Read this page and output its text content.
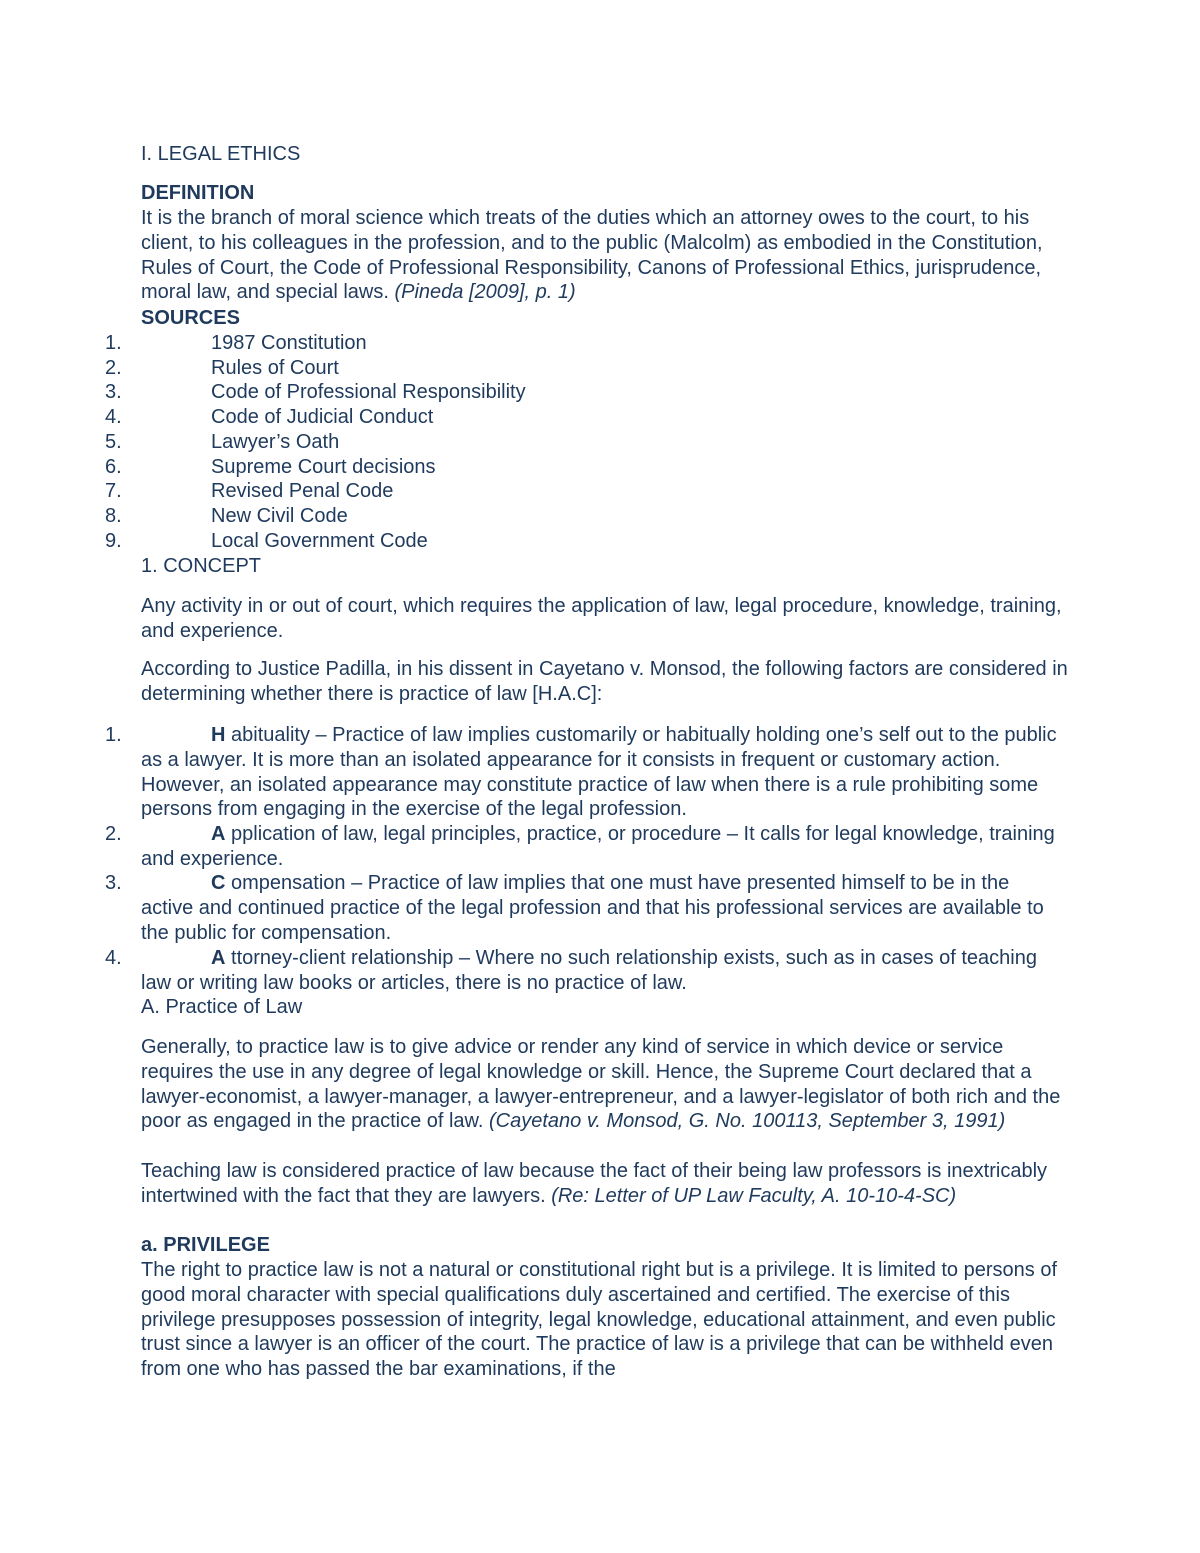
I. LEGAL ETHICS
DEFINITION

It is the branch of moral science which treats of the duties which an attorney owes to the court, to his client, to his colleagues in the profession, and to the public (Malcolm) as embodied in the Constitution, Rules of Court, the Code of Professional Responsibility, Canons of Professional Ethics, jurisprudence, moral law, and special laws. (Pineda [2009], p. 1)

SOURCES
1.	1987 Constitution
2.	Rules of Court
3.	Code of Professional Responsibility
4.	Code of Judicial Conduct
5.	Lawyer’s Oath
6.	Supreme Court decisions
7.	Revised Penal Code
8.	New Civil Code
9.	Local Government Code
1. CONCEPT

Any activity in or out of court, which requires the application of law, legal procedure, knowledge, training, and experience.

According to Justice Padilla, in his dissent in Cayetano v. Monsod, the following factors are considered in determining whether there is practice of law [H.A.C]:

1.	H abituality – Practice of law implies customarily or habitually holding one’s self out to the public as a lawyer. It is more than an isolated appearance for it consists in frequent or customary action. However, an isolated appearance may constitute practice of law when there is a rule prohibiting some persons from engaging in the exercise of the legal profession.

2.	A pplication of law, legal principles, practice, or procedure – It calls for legal knowledge, training and experience.

3.	C ompensation – Practice of law implies that one must have presented himself to be in the active and continued practice of the legal profession and that his professional services are available to the public for compensation.

4.	A ttorney-client relationship – Where no such relationship exists, such as in cases of teaching law or writing law books or articles, there is no practice of law.

A. Practice of Law

Generally, to practice law is to give advice or render any kind of service in which device or service requires the use in any degree of legal knowledge or skill. Hence, the Supreme Court declared that a lawyer-economist, a lawyer-manager, a lawyer-entrepreneur, and a lawyer-legislator of both rich and the poor as engaged in the practice of law. (Cayetano v. Monsod, G. No. 100113, September 3, 1991)

Teaching law is considered practice of law because the fact of their being law professors is inextricably intertwined with the fact that they are lawyers. (Re: Letter of UP Law Faculty, A. 10-10-4-SC)

a. PRIVILEGE

The right to practice law is not a natural or constitutional right but is a privilege. It is limited to persons of good moral character with special qualifications duly ascertained and certified. The exercise of this privilege presupposes possession of integrity, legal knowledge, educational attainment, and even public trust since a lawyer is an officer of the court. The practice of law is a privilege that can be withheld even from one who has passed the bar examinations, if the
